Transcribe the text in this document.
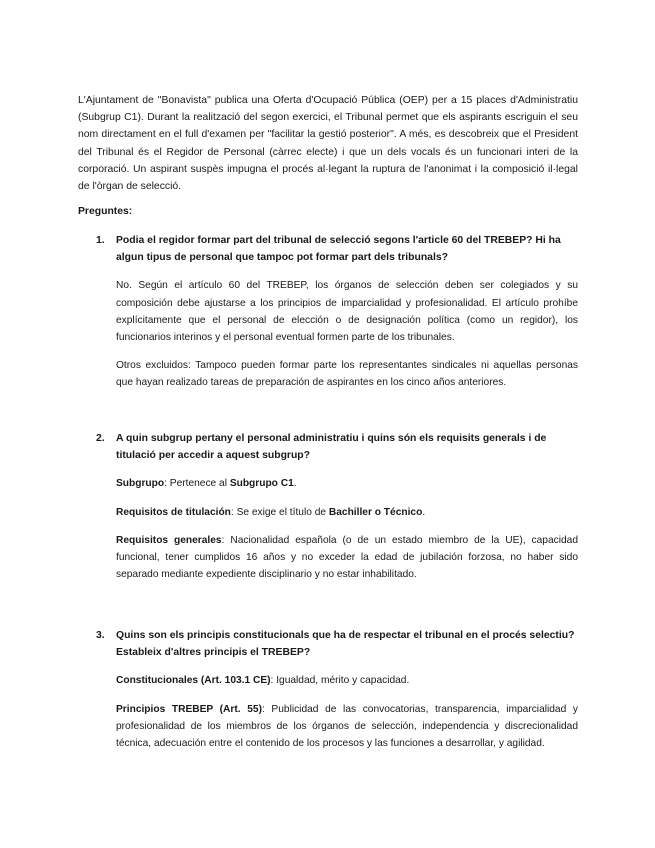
L'Ajuntament de "Bonavista" publica una Oferta d'Ocupació Pública (OEP) per a 15 places d'Administratiu (Subgrup C1). Durant la realització del segon exercici, el Tribunal permet que els aspirants escriguin el seu nom directament en el full d'examen per "facilitar la gestió posterior". A més, es descobreix que el President del Tribunal és el Regidor de Personal (càrrec electe) i que un dels vocals és un funcionari interi de la corporació. Un aspirant suspès impugna el procés al·legant la ruptura de l'anonimat i la composició il·legal de l'òrgan de selecció.

Preguntes:
1. Podia el regidor formar part del tribunal de selecció segons l'article 60 del TREBEP? Hi ha algun tipus de personal que tampoc pot formar part dels tribunals?
No. Según el artículo 60 del TREBEP, los órganos de selección deben ser colegiados y su composición debe ajustarse a los principios de imparcialidad y profesionalidad. El artículo prohíbe explícitamente que el personal de elección o de designación política (como un regidor), los funcionarios interinos y el personal eventual formen parte de los tribunales.
Otros excluidos: Tampoco pueden formar parte los representantes sindicales ni aquellas personas que hayan realizado tareas de preparación de aspirantes en los cinco años anteriores.
2. A quin subgrup pertany el personal administratiu i quins són els requisits generals i de titulació per accedir a aquest subgrup?
Subgrupo: Pertenece al Subgrupo C1.
Requisitos de titulación: Se exige el título de Bachiller o Técnico.
Requisitos generales: Nacionalidad española (o de un estado miembro de la UE), capacidad funcional, tener cumplidos 16 años y no exceder la edad de jubilación forzosa, no haber sido separado mediante expediente disciplinario y no estar inhabilitado.
3. Quins son els principis constitucionals que ha de respectar el tribunal en el procés selectiu? Estableix d'altres principis el TREBEP?
Constitucionales (Art. 103.1 CE): Igualdad, mérito y capacidad.
Principios TREBEP (Art. 55): Publicidad de las convocatorias, transparencia, imparcialidad y profesionalidad de los miembros de los órganos de selección, independencia y discrecionalidad técnica, adecuación entre el contenido de los procesos y las funciones a desarrollar, y agilidad.
